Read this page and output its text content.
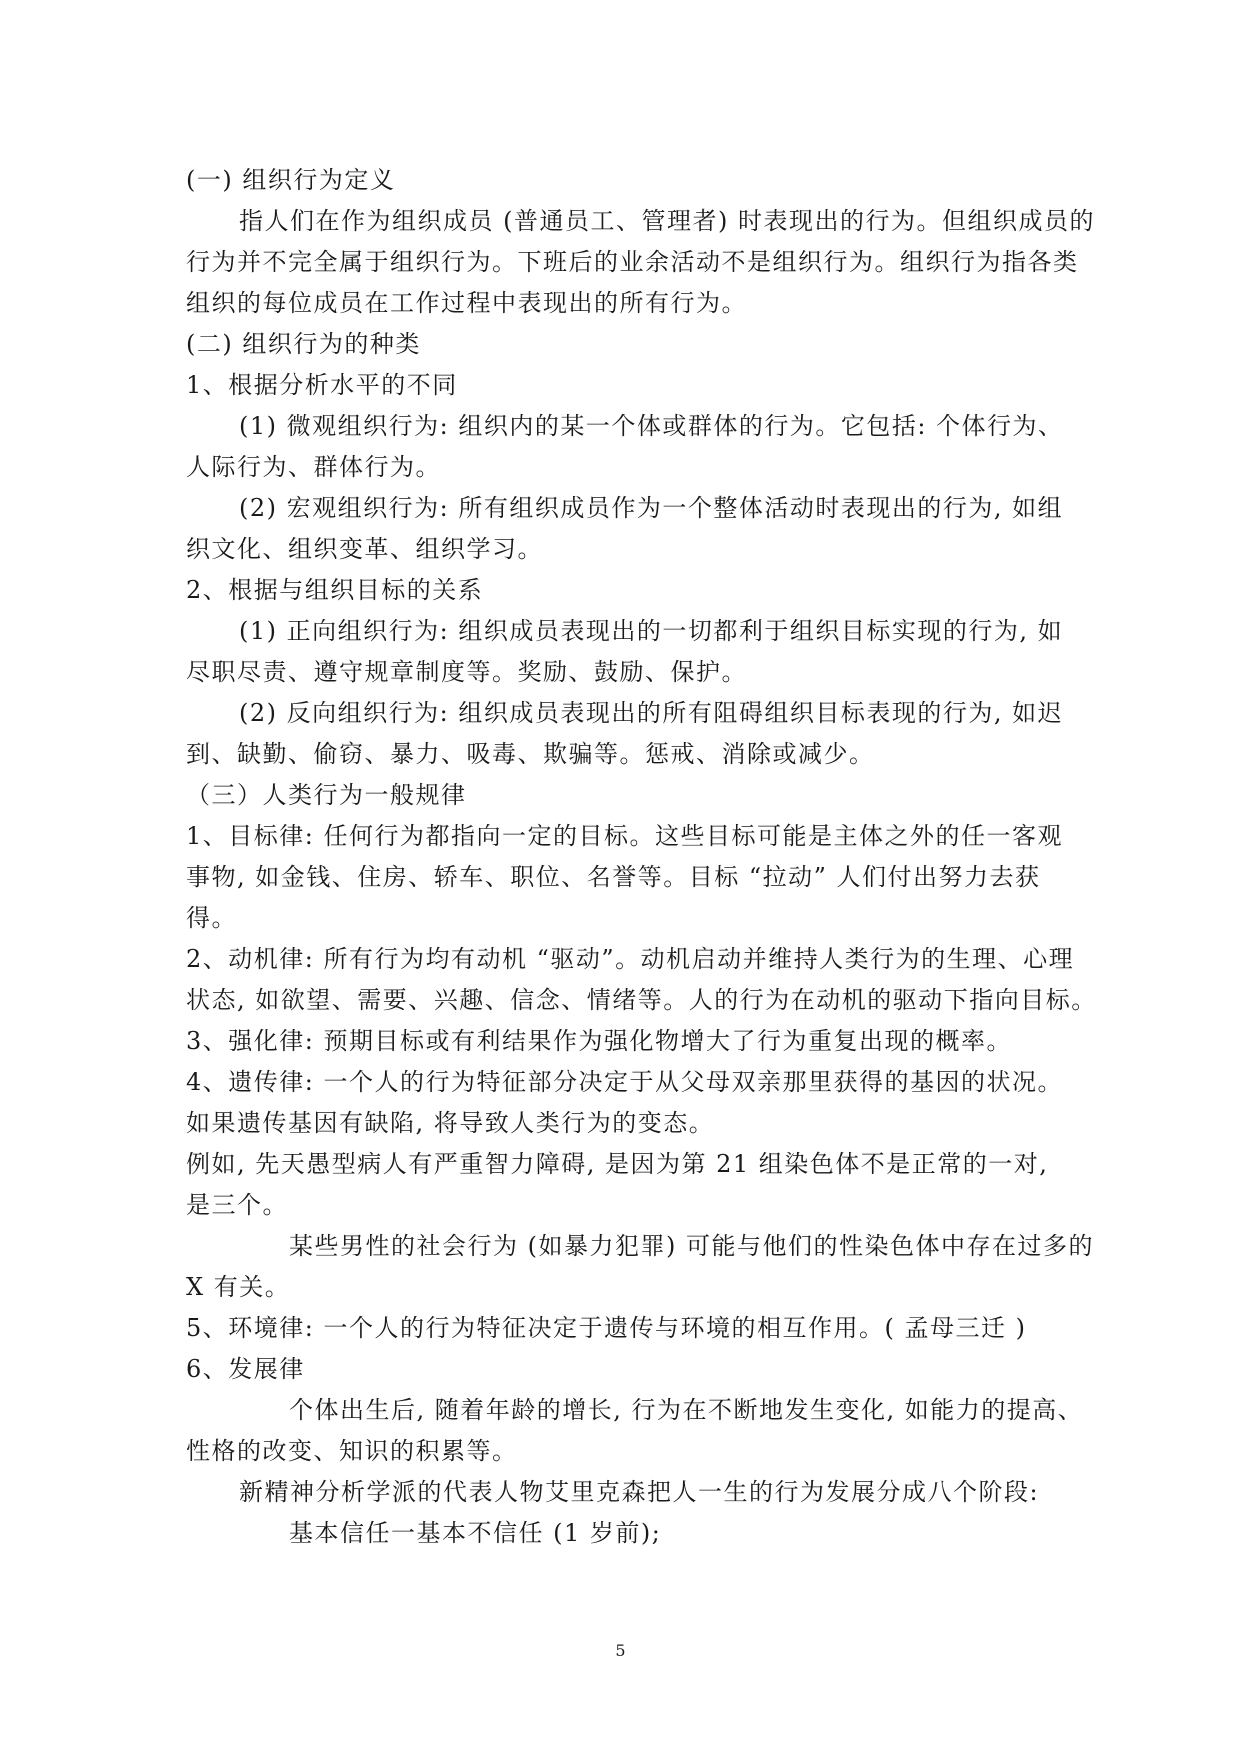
(一) 组织行为定义
指人们在作为组织成员 (普通员工、管理者) 时表现出的行为。但组织成员的
行为并不完全属于组织行为。下班后的业余活动不是组织行为。组织行为指各类
组织的每位成员在工作过程中表现出的所有行为。
(二) 组织行为的种类
1、根据分析水平的不同
(1) 微观组织行为: 组织内的某一个体或群体的行为。它包括: 个体行为、
人际行为、群体行为。
(2) 宏观组织行为: 所有组织成员作为一个整体活动时表现出的行为, 如组
织文化、组织变革、组织学习。
2、根据与组织目标的关系
(1) 正向组织行为: 组织成员表现出的一切都利于组织目标实现的行为, 如
尽职尽责、遵守规章制度等。奖励、鼓励、保护。
(2) 反向组织行为: 组织成员表现出的所有阻碍组织目标表现的行为, 如迟
到、缺勤、偷窃、暴力、吸毒、欺骗等。惩戒、消除或减少。
（三）人类行为一般规律
1、目标律: 任何行为都指向一定的目标。这些目标可能是主体之外的任一客观
事物, 如金钱、住房、轿车、职位、名誉等。目标 “拉动” 人们付出努力去获
得。
2、动机律: 所有行为均有动机 “驱动”。动机启动并维持人类行为的生理、心理
状态, 如欲望、需要、兴趣、信念、情绪等。人的行为在动机的驱动下指向目标。
3、强化律: 预期目标或有利结果作为强化物增大了行为重复出现的概率。
4、遗传律: 一个人的行为特征部分决定于从父母双亲那里获得的基因的状况。
如果遗传基因有缺陷, 将导致人类行为的变态。
例如, 先天愚型病人有严重智力障碍, 是因为第 21 组染色体不是正常的一对,
是三个。
某些男性的社会行为 (如暴力犯罪) 可能与他们的性染色体中存在过多的
X 有关。
5、环境律: 一个人的行为特征决定于遗传与环境的相互作用。( 孟母三迁 )
6、发展律
个体出生后, 随着年龄的增长, 行为在不断地发生变化, 如能力的提高、
性格的改变、知识的积累等。
新精神分析学派的代表人物艾里克森把人一生的行为发展分成八个阶段:
基本信任一基本不信任 (1 岁前);
5
